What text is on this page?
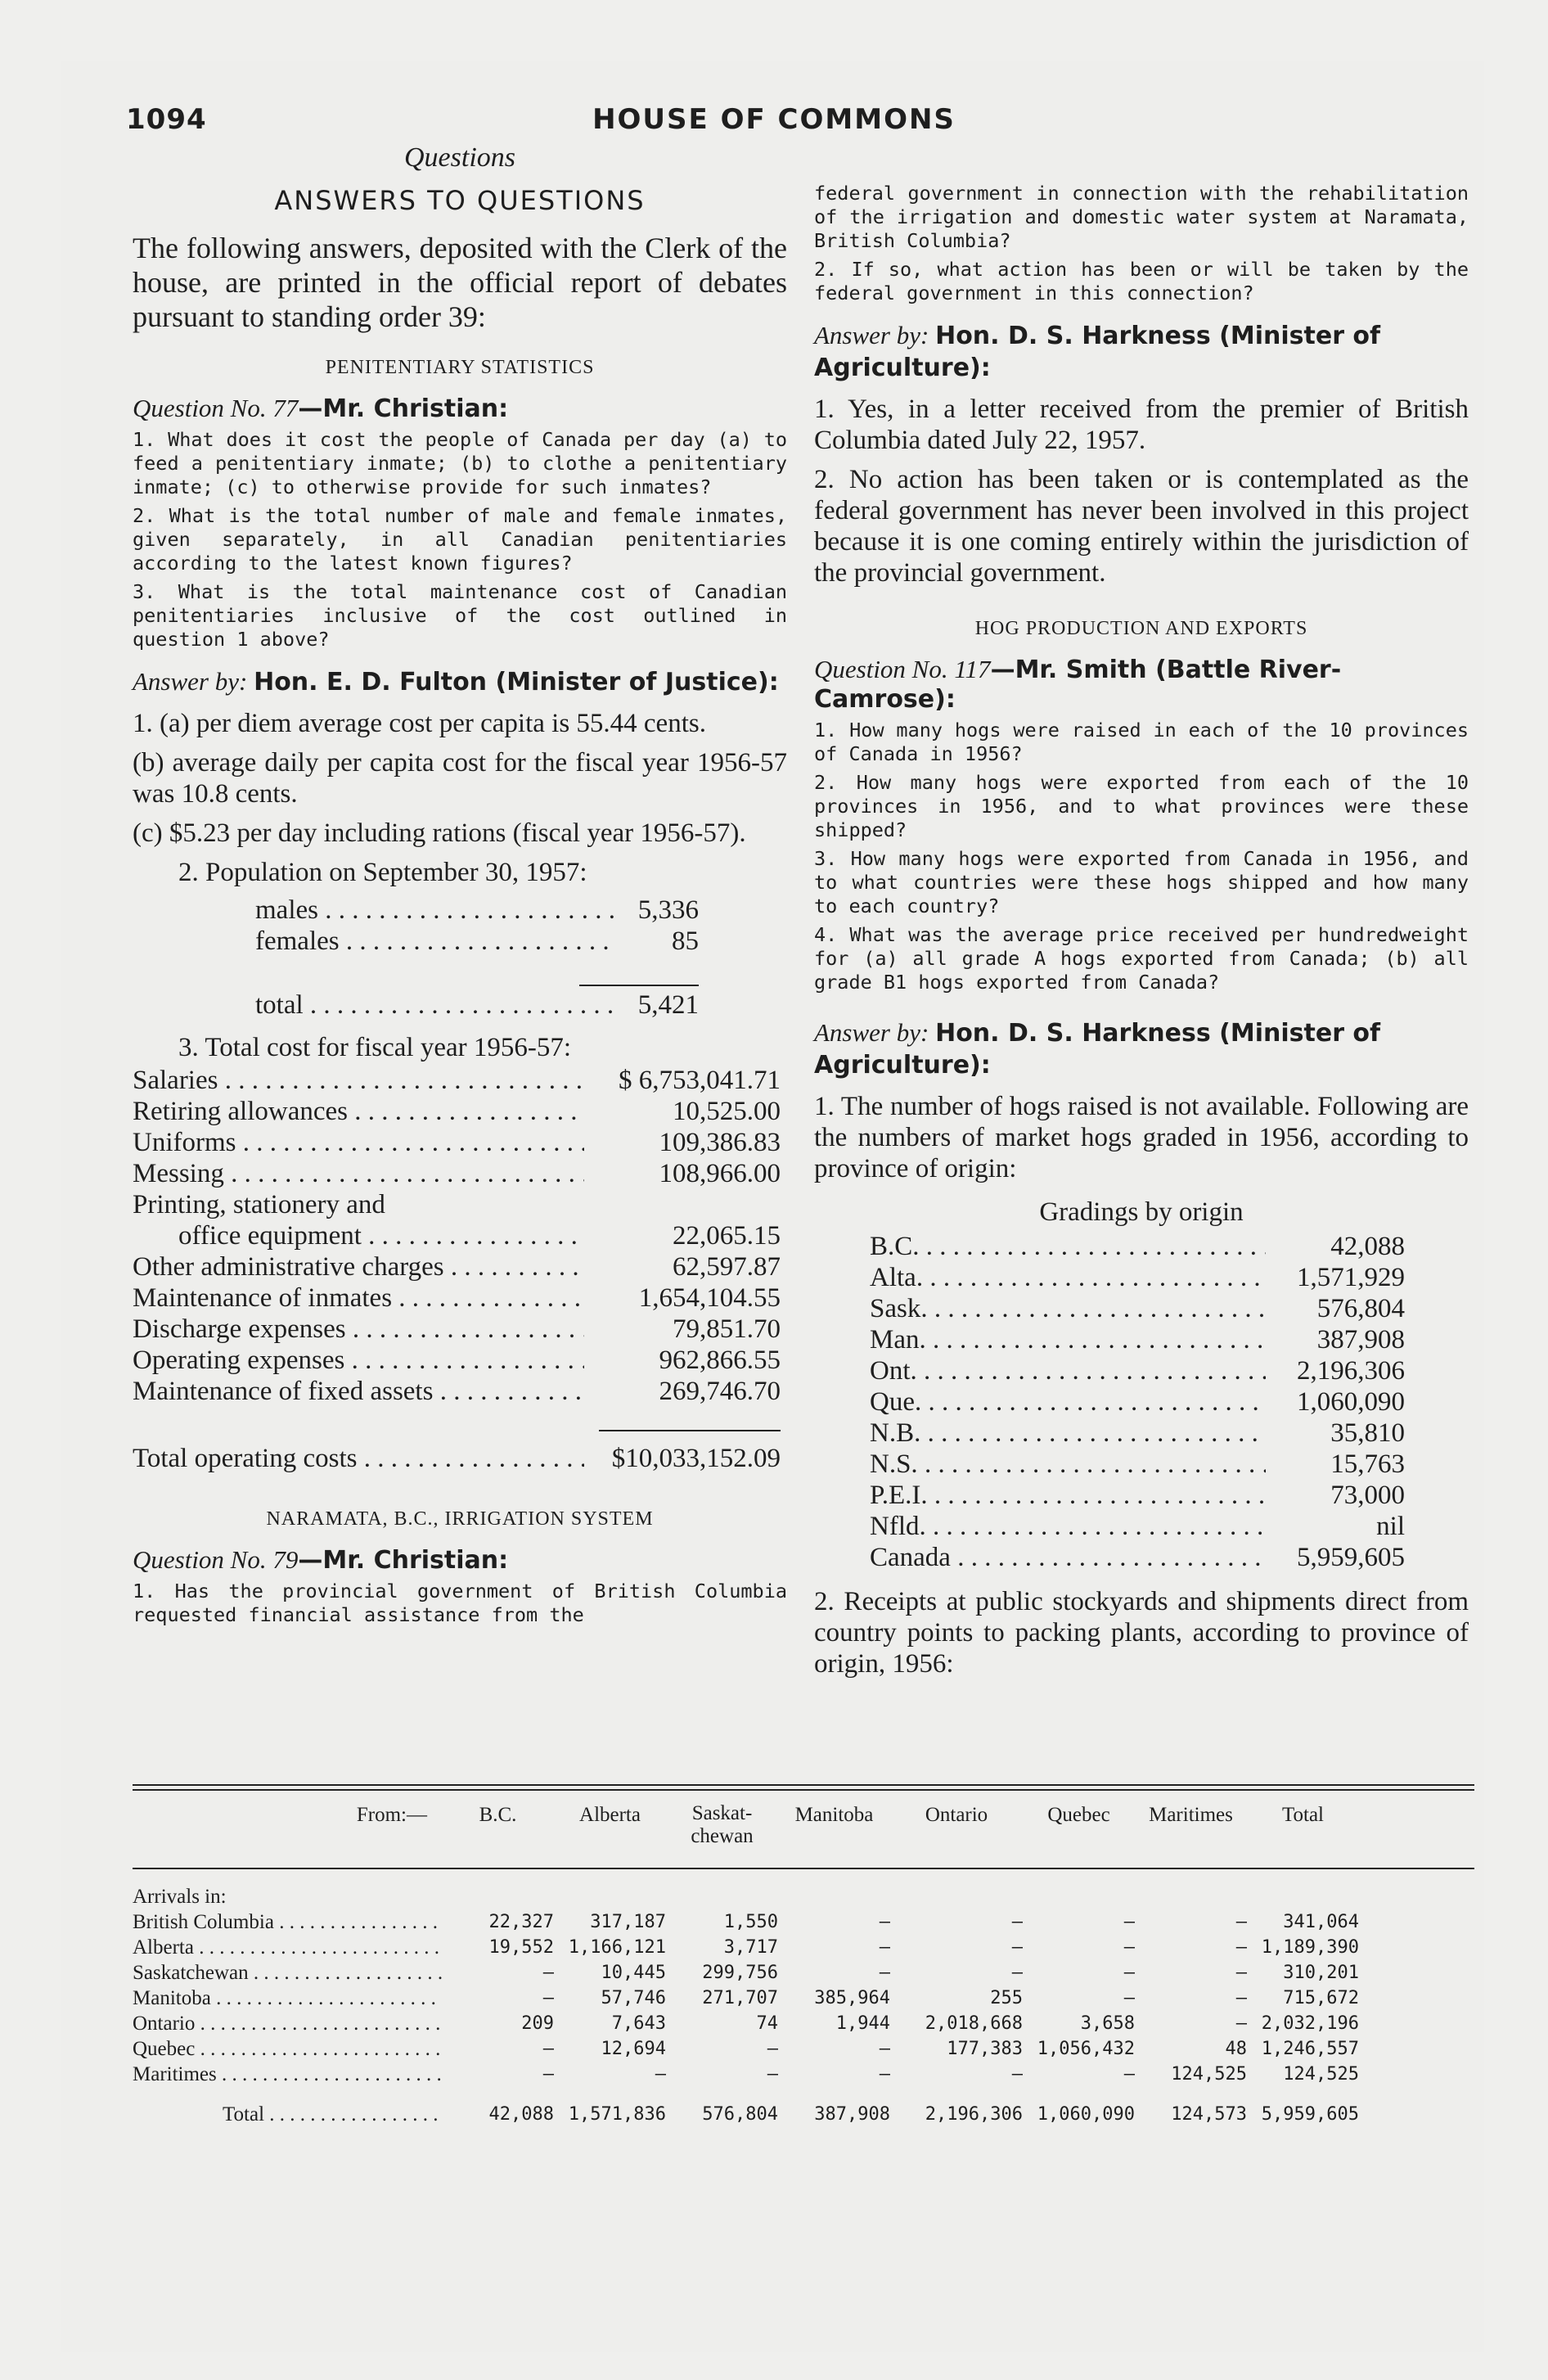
1094	HOUSE OF COMMONS
Questions
ANSWERS TO QUESTIONS

The following answers, deposited with the Clerk of the house, are printed in the official report of debates pursuant to standing order 39:

PENITENTIARY STATISTICS
Question No. 77—Mr. Christian:

1. What does it cost the people of Canada per day (a) to feed a penitentiary inmate; (b) to clothe a penitentiary inmate; (c) to otherwise provide for such inmates?

2. What is the total number of male and female inmates, given separately, in all Canadian penitentiaries according to the latest known figures?

3. What is the total maintenance cost of Canadian penitentiaries inclusive of the cost outlined in question 1 above?

Answer by: Hon. E. D. Fulton (Minister of Justice):

1. (a) per diem average cost per capita is 55.44 cents.

(b) average daily per capita cost for the fiscal year 1956-57 was 10.8 cents.

(c) $5.23 per day including rations (fiscal year 1956-57).

2. Population on September 30, 1957:

males . . .	5,336
females . . .	85
total . . .	5,421

3. Total cost for fiscal year 1956-57:

Salaries . . .	$ 6,753,041.71
Retiring allowances . . .	10,525.00
Uniforms . . .	109,386.83
Messing . . .	108,966.00
Printing, stationery and
office equipment . . .	22,065.15
Other administrative charges . . .	62,597.87
Maintenance of inmates . . .	1,654,104.55
Discharge expenses . . .	79,851.70
Operating expenses . . .	962,866.55
Maintenance of fixed assets . . .	269,746.70
Total operating costs . . .	$10,033,152.09
NARAMATA, B.C., IRRIGATION SYSTEM
Question No. 79—Mr. Christian:

1. Has the provincial government of British Columbia requested financial assistance from the

federal government in connection with the rehabilitation of the irrigation and domestic water system at Naramata, British Columbia?

2. If so, what action has been or will be taken by the federal government in this connection?

Answer by: Hon. D. S. Harkness (Minister of Agriculture):

1. Yes, in a letter received from the premier of British Columbia dated July 22, 1957.

2. No action has been taken or is contemplated as the federal government has never been involved in this project because it is one coming entirely within the jurisdiction of the provincial government.

HOG PRODUCTION AND EXPORTS
Question No. 117—Mr. Smith (Battle River-Camrose):

1. How many hogs were raised in each of the 10 provinces of Canada in 1956?

2. How many hogs were exported from each of the 10 provinces in 1956, and to what provinces were these shipped?

3. How many hogs were exported from Canada in 1956, and to what countries were these hogs shipped and how many to each country?

4. What was the average price received per hundredweight for (a) all grade A hogs exported from Canada; (b) all grade B1 hogs exported from Canada?

Answer by: Hon. D. S. Harkness (Minister of Agriculture):

1. The number of hogs raised is not available. Following are the numbers of market hogs graded in 1956, according to province of origin:

Gradings by origin
B.C. . . .	42,088
Alta. . . .	1,571,929
Sask. . . .	576,804
Man. . . .	387,908
Ont. . . .	2,196,306
Que. . . .	1,060,090
N.B. . . .	35,810
N.S. . . .	15,763
P.E.I. . . .	73,000
Nfld. . . .	nil
Canada . . .	5,959,605

2. Receipts at public stockyards and shipments direct from country points to packing plants, according to province of origin, 1956:

From:—	B.C.	Alberta	Saskat-
chewan
Manitoba	Ontario	Quebec	Maritimes	Total
Arrivals in:
British Columbia . . .	22,327	317,187	1,550	—	—	—	—	341,064
Alberta . . .	19,552 1,166,121	3,717	—	—	—	— 1,189,390
Saskatchewan . . .	—	10,445	299,756	—	—	—	—	310,201
Manitoba . . .	—	57,746	271,707	385,964	255	—	—	715,672
Ontario . . .	209	7,643	74	1,944	2,018,668	3,658	— 2,032,196
Quebec . . .	—	12,694	—	—	177,383 1,056,432	48 1,246,557
Maritimes . . .	—	—	—	—	—	—	124,525	124,525
Total . . .	42,088 1,571,836	576,804	387,908	2,196,306 1,060,090	124,573 5,959,605
